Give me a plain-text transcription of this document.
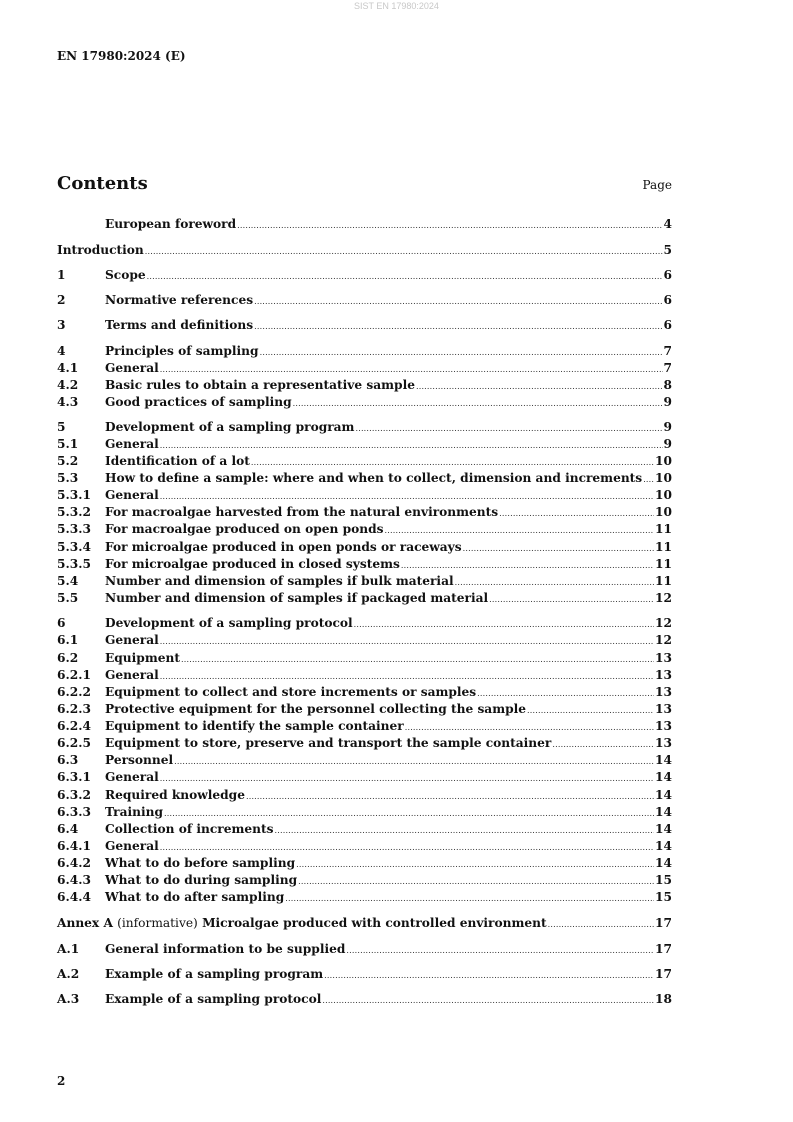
SIST EN 17980:2024
EN 17980:2024 (E)
Contents	Page
European foreword .....	4
Introduction .....	5
1	Scope .....	6
2	Normative references .....	6
3	Terms and definitions .....	6
4	Principles of sampling .....	7
4.1	General .....	7
4.2	Basic rules to obtain a representative sample .....	8
4.3	Good practices of sampling .....	9
5	Development of a sampling program .....	9
5.1	General .....	9
5.2	Identification of a lot .....	10
5.3	How to define a sample: where and when to collect, dimension and increments ..... 10
5.3.1	General .....	10
5.3.2	For macroalgae harvested from the natural environments .....	10
5.3.3	For macroalgae produced on open ponds .....	11
5.3.4	For microalgae produced in open ponds or raceways .....	11
5.3.5	For microalgae produced in closed systems .....	11
5.4	Number and dimension of samples if bulk material .....	11
5.5	Number and dimension of samples if packaged material .....	12
6	Development of a sampling protocol .....	12
6.1	General .....	12
6.2	Equipment .....	13
6.2.1	General .....	13
6.2.2	Equipment to collect and store increments or samples .....	13
6.2.3	Protective equipment for the personnel collecting the sample .....	13
6.2.4	Equipment to identify the sample container .....	13
6.2.5	Equipment to store, preserve and transport the sample container .....	13
6.3	Personnel .....	14
6.3.1	General .....	14
6.3.2	Required knowledge .....	14
6.3.3	Training .....	14
6.4	Collection of increments .....	14
6.4.1	General .....	14
6.4.2	What to do before sampling .....	14
6.4.3	What to do during sampling .....	15
6.4.4	What to do after sampling .....	15
Annex A (informative) Microalgae produced with controlled environment .....	17
A.1	General information to be supplied .....	17
A.2	Example of a sampling program .....	17
A.3	Example of a sampling protocol .....	18
2
